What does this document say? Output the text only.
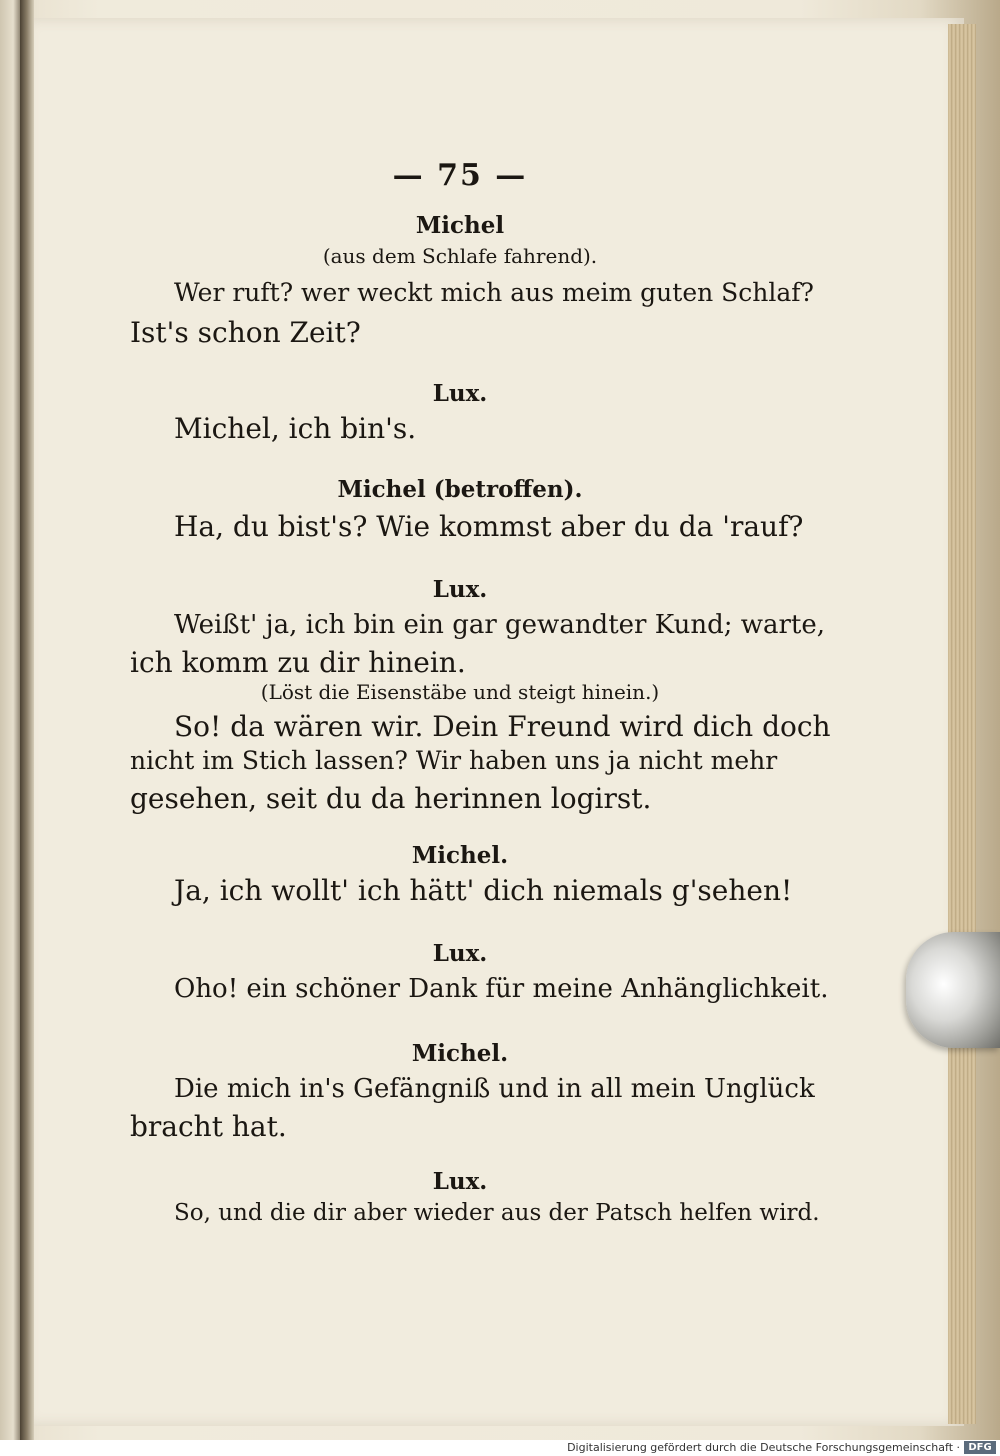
— 75 —
Michel
(aus dem Schlafe fahrend).
Wer ruft? wer weckt mich aus meim guten Schlaf?
Ist's schon Zeit?
Lux.
Michel, ich bin's.
Michel (betroffen).
Ha, du bist's? Wie kommst aber du da 'rauf?
Lux.
Weißt' ja, ich bin ein gar gewandter Kund; warte,
ich komm zu dir hinein.
(Löst die Eisenstäbe und steigt hinein.)
So! da wären wir. Dein Freund wird dich doch
nicht im Stich lassen? Wir haben uns ja nicht mehr
gesehen, seit du da herinnen logirst.
Michel.
Ja, ich wollt' ich hätt' dich niemals g'sehen!
Lux.
Oho! ein schöner Dank für meine Anhänglichkeit.
Michel.
Die mich in's Gefängniß und in all mein Unglück
bracht hat.
Lux.
So, und die dir aber wieder aus der Patsch helfen wird.
Digitalisierung gefördert durch die Deutsche Forschungsgemeinschaft · DFG
